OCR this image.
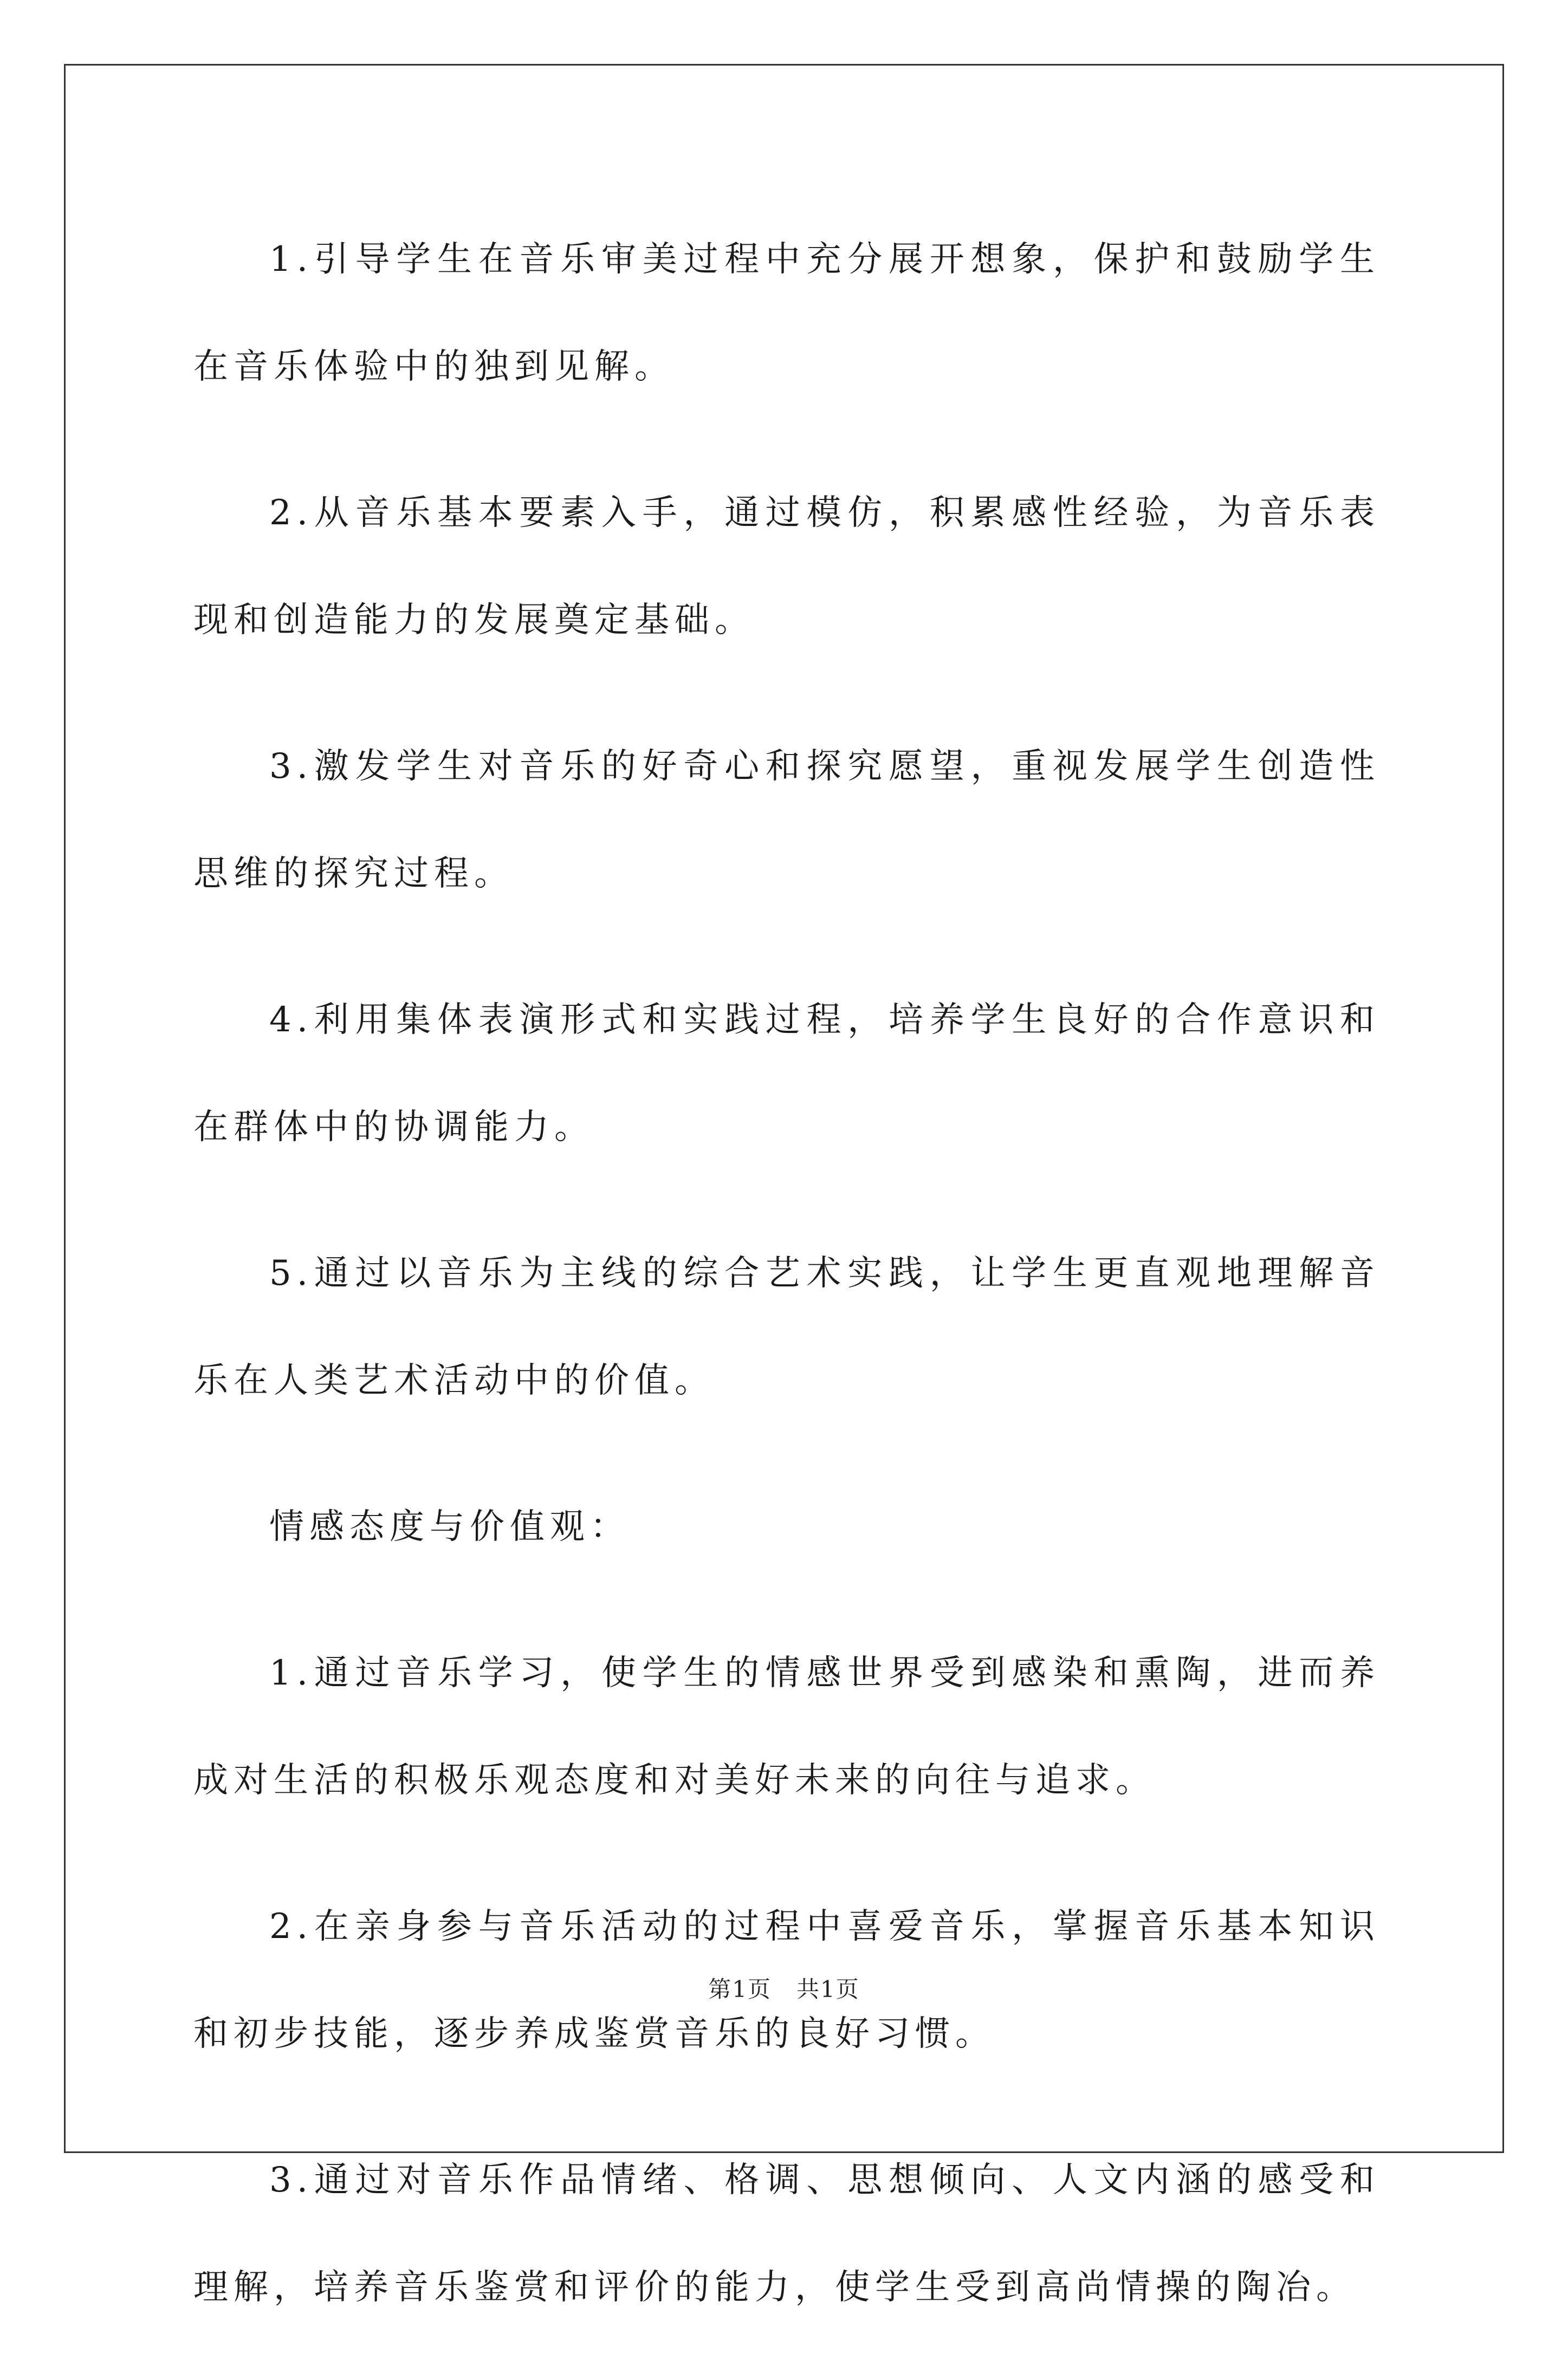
1.引导学生在音乐审美过程中充分展开想象，保护和鼓励学生在音乐体验中的独到见解。

2.从音乐基本要素入手，通过模仿，积累感性经验，为音乐表现和创造能力的发展奠定基础。

3.激发学生对音乐的好奇心和探究愿望，重视发展学生创造性思维的探究过程。

4.利用集体表演形式和实践过程，培养学生良好的合作意识和在群体中的协调能力。

5.通过以音乐为主线的综合艺术实践，让学生更直观地理解音乐在人类艺术活动中的价值。

情感态度与价值观：

1.通过音乐学习，使学生的情感世界受到感染和熏陶，进而养成对生活的积极乐观态度和对美好未来的向往与追求。

2.在亲身参与音乐活动的过程中喜爱音乐，掌握音乐基本知识和初步技能，逐步养成鉴赏音乐的良好习惯。

3.通过对音乐作品情绪、格调、思想倾向、人文内涵的感受和理解，培养音乐鉴赏和评价的能力，使学生受到高尚情操的陶冶。

第1页 共1页
